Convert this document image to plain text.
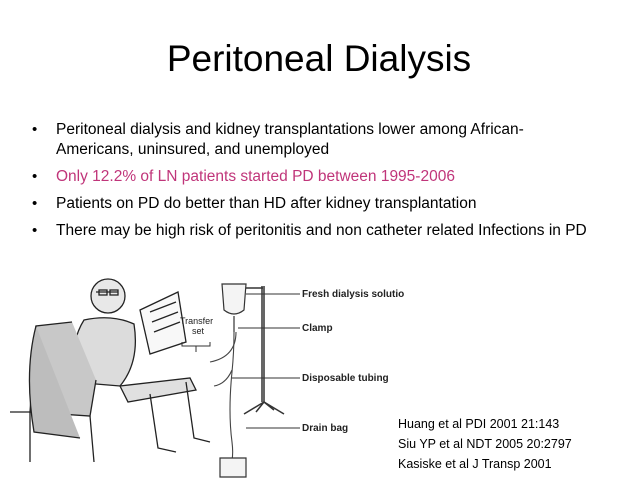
Peritoneal Dialysis
• Peritoneal dialysis and kidney transplantations lower among African-Americans, uninsured, and unemployed
• Only 12.2% of LN patients started PD between 1995-2006
• Patients on PD do better than HD after kidney transplantation
• There may be high risk of peritonitis and non catheter related Infections in PD
Transfer
set
Fresh dialysis solutio
Clamp
Disposable tubing
Drain bag	Huang et al PDI 2001 21:143
Siu YP et al NDT 2005 20:2797
Kasiske et al J Transp 2001
